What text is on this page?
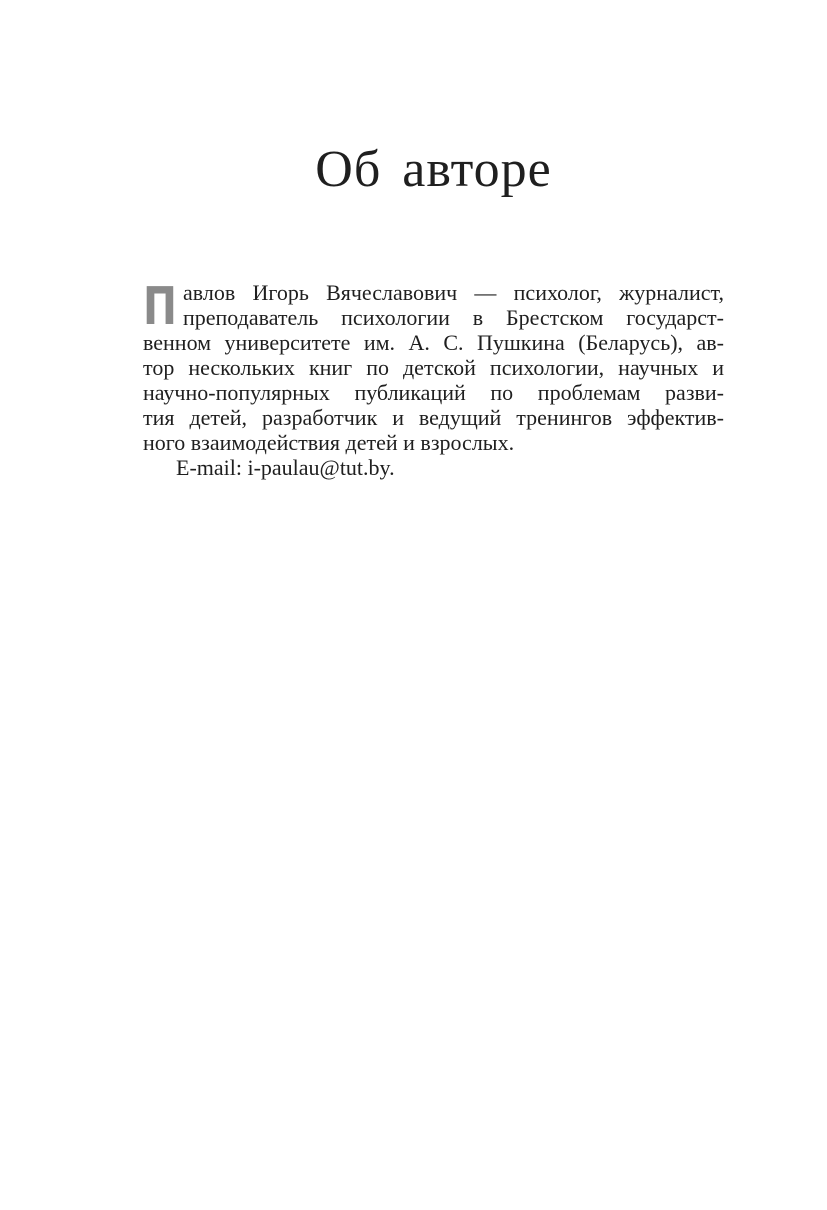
Об авторе
П авлов Игорь Вячеславович — психолог, журналист,
преподаватель психологии в Брестском государст-
венном университете им. А. С. Пушкина (Беларусь), ав-
тор нескольких книг по детской психологии, научных и
научно-популярных публикаций по проблемам разви-
тия детей, разработчик и ведущий тренингов эффектив-
ного взаимодействия детей и взрослых.
E-mail: i-paulau@tut.by.
